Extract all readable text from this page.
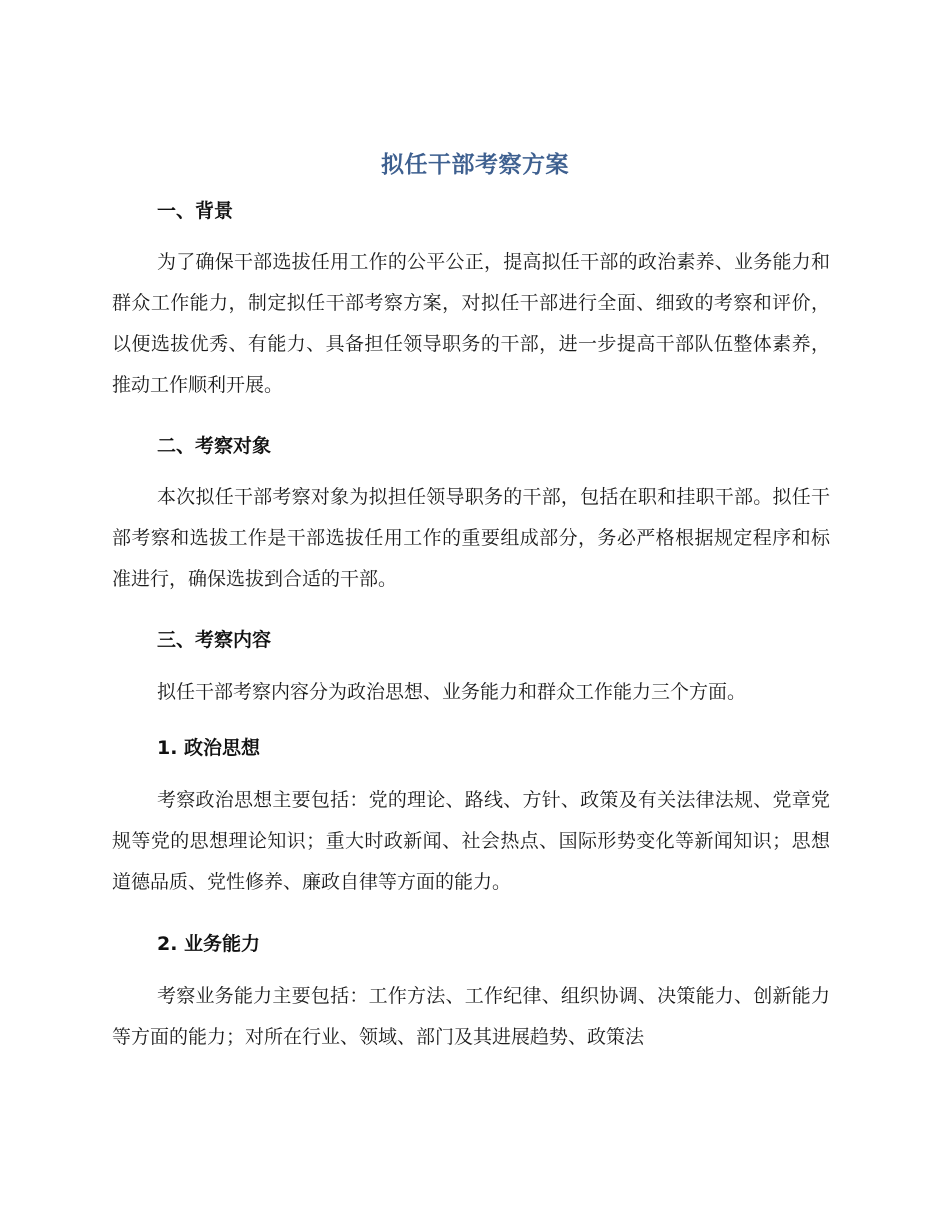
拟任干部考察方案
一、背景
为了确保干部选拔任用工作的公平公正，提高拟任干部的政治素养、业务能力和群众工作能力，制定拟任干部考察方案，对拟任干部进行全面、细致的考察和评价，以便选拔优秀、有能力、具备担任领导职务的干部，进一步提高干部队伍整体素养，推动工作顺利开展。
二、考察对象
本次拟任干部考察对象为拟担任领导职务的干部，包括在职和挂职干部。拟任干部考察和选拔工作是干部选拔任用工作的重要组成部分，务必严格根据规定程序和标准进行，确保选拔到合适的干部。
三、考察内容
拟任干部考察内容分为政治思想、业务能力和群众工作能力三个方面。
1. 政治思想
考察政治思想主要包括：党的理论、路线、方针、政策及有关法律法规、党章党规等党的思想理论知识；重大时政新闻、社会热点、国际形势变化等新闻知识；思想道德品质、党性修养、廉政自律等方面的能力。
2. 业务能力
考察业务能力主要包括：工作方法、工作纪律、组织协调、决策能力、创新能力等方面的能力；对所在行业、领域、部门及其进展趋势、政策法
